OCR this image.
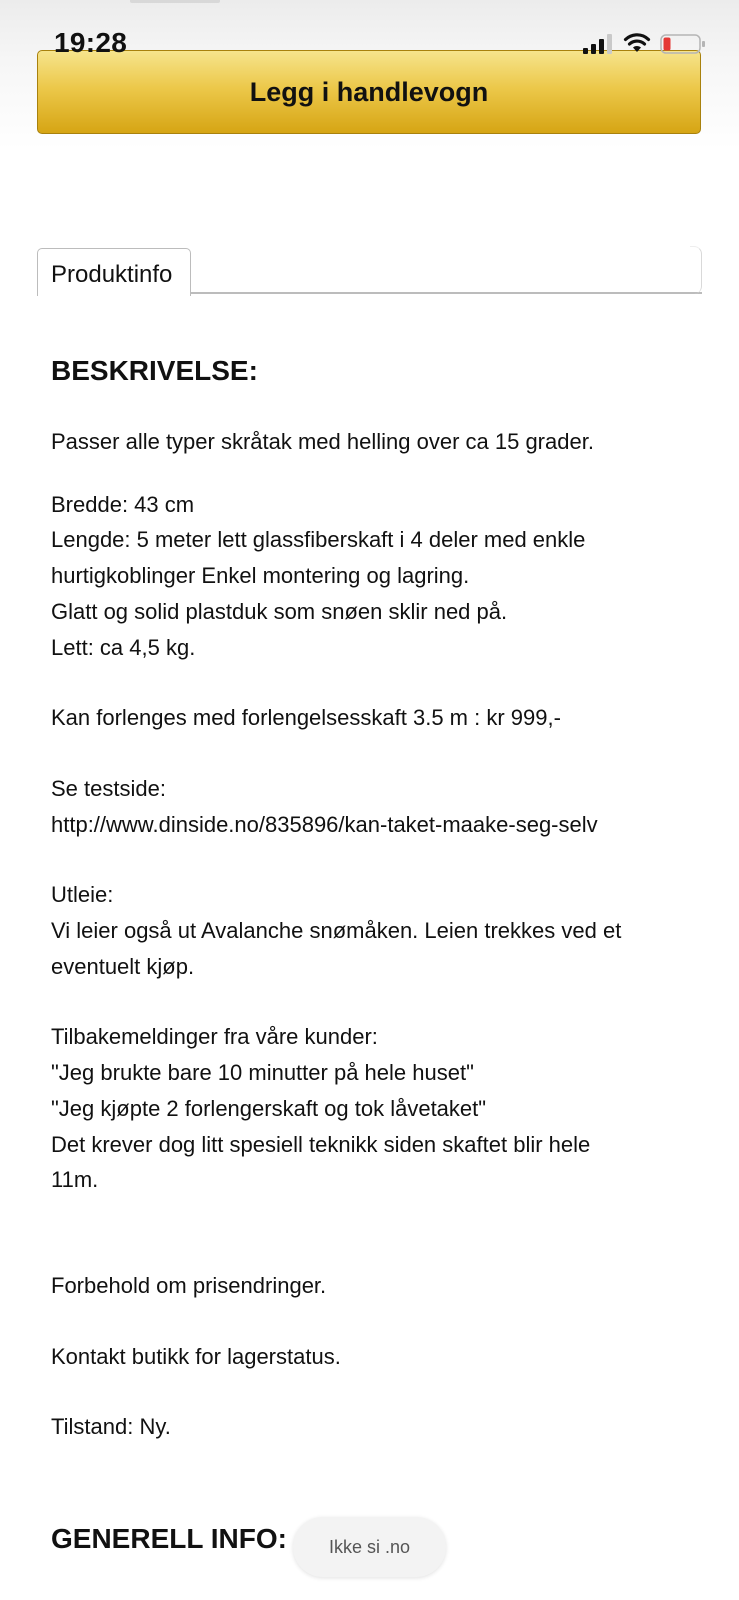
19:28
Legg i handlevogn
Produktinfo
BESKRIVELSE:

Passer alle typer skråtak med helling over ca 15 grader.

Bredde: 43 cm

Lengde: 5 meter lett glassfiberskaft i 4 deler med enkle

hurtigkoblinger Enkel montering og lagring.

Glatt og solid plastduk som snøen sklir ned på.

Lett: ca 4,5 kg.

Kan forlenges med forlengelsesskaft 3.5 m : kr 999,-

Se testside:

http://www.dinside.no/835896/kan-taket-maake-seg-selv

Utleie:

Vi leier også ut Avalanche snømåken. Leien trekkes ved et

eventuelt kjøp.

Tilbakemeldinger fra våre kunder:

"Jeg brukte bare 10 minutter på hele huset"

"Jeg kjøpte 2 forlengerskaft og tok låvetaket"

Det krever dog litt spesiell teknikk siden skaftet blir hele

11m.

Forbehold om prisendringer.

Kontakt butikk for lagerstatus.

Tilstand: Ny.

GENERELL INFO: Ikke si .no
